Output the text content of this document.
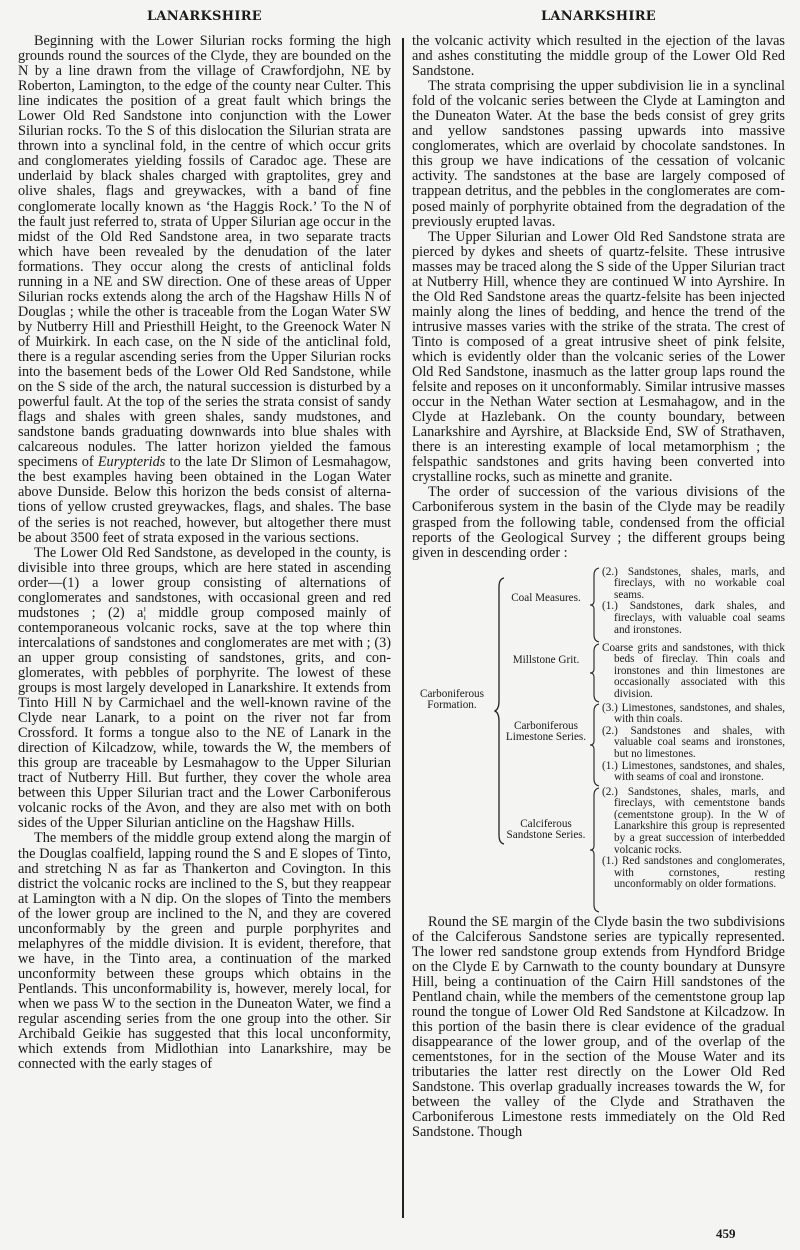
LANARKSHIRE

Beginning with the Lower Silurian rocks forming the high grounds round the sources of the Clyde, they are bounded on the N by a line drawn from the village of Crawfordjohn, NE by Roberton, Lamington, to the edge of the county near Culter. This line indicates the position of a great fault which brings the Lower Old Red Sandstone into conjunction with the Lower Silurian rocks. To the S of this dislocation the Silurian strata are thrown into a synclinal fold, in the centre of which occur grits and conglomerates yielding fossils of Caradoc age. These are underlaid by black shales charged with graptolites, grey and olive shales, flags and greywackes, with a band of fine conglomerate locally known as ‘the Haggis Rock.’ To the N of the fault just referred to, strata of Upper Silurian age occur in the midst of the Old Red Sandstone area, in two separate tracts which have been revealed by the denudation of the later formations. They occur along the crests of anticlinal folds running in a NE and SW direction. One of these areas of Upper Silurian rocks extends along the arch of the Hagshaw Hills N of Douglas ; while the other is traceable from the Logan Water SW by Nutberry Hill and Priesthill Height, to the Greenock Water N of Muirkirk. In each case, on the N side of the anticlinal fold, there is a regular ascending series from the Upper Silurian rocks into the basement beds of the Lower Old Red Sandstone, while on the S side of the arch, the natural succession is disturbed by a powerful fault. At the top of the series the strata consist of sandy flags and shales with green shales, sandy mudstones, and sandstone bands graduating downwards into blue shales with calcareous nodules. The latter horizon yielded the famous specimens of Eurypterids to the late Dr Slimon of Lesmahagow, the best examples having been obtained in the Logan Water above Dunside. Below this horizon the beds consist of alternations of yellow crusted greywackes, flags, and shales. The base of the series is not reached, however, but altogether there must be about 3500 feet of strata exposed in the various sections.

The Lower Old Red Sandstone, as developed in the county, is divisible into three groups, which are here stated in ascending order—(1) a lower group consisting of alternations of conglomerates and sandstones, with occasional green and red mudstones ; (2) a¦ middle group composed mainly of contemporaneous volcanic rocks, save at the top where thin intercalations of sandstones and conglomerates are met with ; (3) an upper group consisting of sandstones, grits, and conglomerates, with pebbles of porphyrite. The lowest of these groups is most largely developed in Lanarkshire. It extends from Tinto Hill N by Carmichael and the well-known ravine of the Clyde near Lanark, to a point on the river not far from Crossford. It forms a tongue also to the NE of Lanark in the direction of Kilcadzow, while, towards the W, the members of this group are traceable by Lesmahagow to the Upper Silurian tract of Nutberry Hill. But further, they cover the whole area between this Upper Silurian tract and the Lower Carboniferous volcanic rocks of the Avon, and they are also met with on both sides of the Upper Silurian anticline on the Hagshaw Hills.

The members of the middle group extend along the margin of the Douglas coalfield, lapping round the S and E slopes of Tinto, and stretching N as far as Thankerton and Covington. In this district the volcanic rocks are inclined to the S, but they reappear at Lamington with a N dip. On the slopes of Tinto the members of the lower group are inclined to the N, and they are covered unconformably by the green and purple porphyrites and melaphyres of the middle division. It is evident, therefore, that we have, in the Tinto area, a continuation of the marked unconformity between these groups which obtains in the Pentlands. This unconformability is, however, merely local, for when we pass W to the section in the Duneaton Water, we find a regular ascending series from the one group into the other. Sir Archibald Geikie has suggested that this local unconformity, which extends from Midlothian into Lanarkshire, may be connected with the early stages of

LANARKSHIRE

the volcanic activity which resulted in the ejection of the lavas and ashes constituting the middle group of the Lower Old Red Sandstone.

The strata comprising the upper subdivision lie in a synclinal fold of the volcanic series between the Clyde at Lamington and the Duneaton Water. At the base the beds consist of grey grits and yellow sandstones passing upwards into massive conglomerates, which are overlaid by chocolate sandstones. In this group we have indications of the cessation of volcanic activity. The sandstones at the base are largely composed of trappean detritus, and the pebbles in the conglomerates are composed mainly of porphyrite obtained from the degradation of the previously erupted lavas.

The Upper Silurian and Lower Old Red Sandstone strata are pierced by dykes and sheets of quartz-felsite. These intrusive masses may be traced along the S side of the Upper Silurian tract at Nutberry Hill, whence they are continued W into Ayrshire. In the Old Red Sandstone areas the quartz-felsite has been injected mainly along the lines of bedding, and hence the trend of the intrusive masses varies with the strike of the strata. The crest of Tinto is composed of a great intrusive sheet of pink felsite, which is evidently older than the volcanic series of the Lower Old Red Sandstone, inasmuch as the latter group laps round the felsite and reposes on it unconformably. Similar intrusive masses occur in the Nethan Water section at Lesmahagow, and in the Clyde at Hazlebank. On the county boundary, between Lanarkshire and Ayrshire, at Blackside End, SW of Strathaven, there is an interesting example of local metamorphism ; the felspathic sandstones and grits having been converted into crystalline rocks, such as minette and granite.

The order of succession of the various divisions of the Carboniferous system in the basin of the Clyde may be readily grasped from the following table, condensed from the official reports of the Geological Survey ; the different groups being given in descending order :

Carboniferous Formation.
Coal Measures.
(2.) Sandstones, shales, marls, and fireclays, with no workable coal seams.
(1.) Sandstones, dark shales, and fireclays, with valuable coal seams and ironstones.
Millstone Grit.
Coarse grits and sandstones, with thick beds of fireclay. Thin coals and ironstones and thin limestones are occasionally associated with this division.
Carboniferous Limestone Series.
(3.) Limestones, sandstones, and shales, with thin coals.
(2.) Sandstones and shales, with valuable coal seams and ironstones, but no limestones.
(1.) Limestones, sandstones, and shales, with seams of coal and ironstone.
Calciferous Sandstone Series.
(2.) Sandstones, shales, marls, and fireclays, with cementstone bands (cementstone group). In the W of Lanarkshire this group is represented by a great succession of interbedded volcanic rocks.
(1.) Red sandstones and conglomerates, with cornstones, resting unconformably on older formations.

Round the SE margin of the Clyde basin the two subdivisions of the Calciferous Sandstone series are typically represented. The lower red sandstone group extends from Hyndford Bridge on the Clyde E by Carnwath to the county boundary at Dunsyre Hill, being a continuation of the Cairn Hill sandstones of the Pentland chain, while the members of the cementstone group lap round the tongue of Lower Old Red Sandstone at Kilcadzow. In this portion of the basin there is clear evidence of the gradual disappearance of the lower group, and of the overlap of the cementstones, for in the section of the Mouse Water and its tributaries the latter rest directly on the Lower Old Red Sandstone. This overlap gradually increases towards the W, for between the valley of the Clyde and Strathaven the Carboniferous Limestone rests immediately on the Old Red Sandstone. Though

459
